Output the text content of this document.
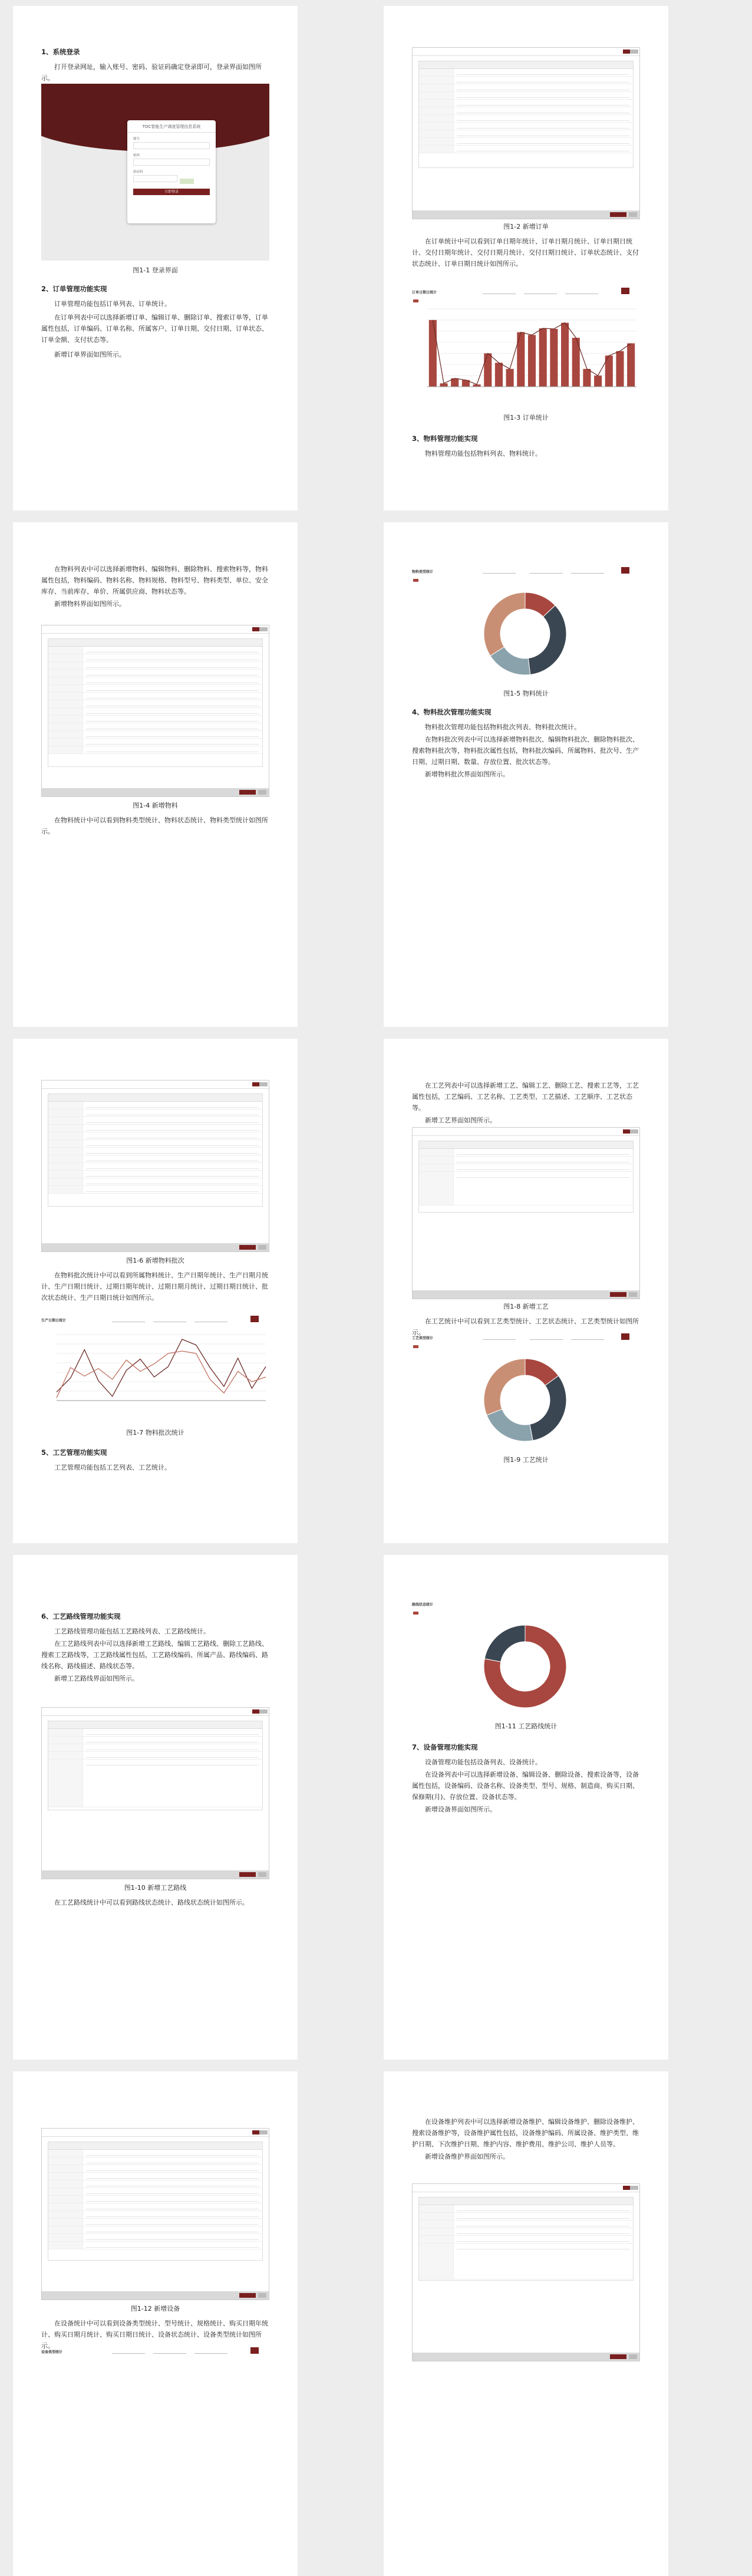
1、系统登录

打开登录网址，输入账号、密码、验证码确定登录即可，登录界面如图所示。

TOC智能生产调度管理信息系统
账号
密码
验证码
立即登录
图1-1 登录界面
2、订单管理功能实现

订单管理功能包括订单列表、订单统计。

在订单列表中可以选择新增订单、编辑订单、删除订单、搜索订单等，订单属性包括，订单编码、订单名称、所属客户、订单日期、交付日期、订单状态、订单金额、支付状态等。

新增订单界面如图所示。

图1-2 新增订单

在订单统计中可以看到订单日期年统计、订单日期月统计、订单日期日统计、交付日期年统计、交付日期月统计、交付日期日统计、订单状态统计、支付状态统计、订单日期日统计如图所示。

订单日期日统计
图1-3 订单统计
3、物料管理功能实现

物料管理功能包括物料列表、物料统计。

在物料列表中可以选择新增物料、编辑物料、删除物料、搜索物料等，物料属性包括，物料编码、物料名称、物料规格、物料型号、物料类型、单位、安全库存、当前库存、单价、所属供应商、物料状态等。

新增物料界面如图所示。

图1-4 新增物料

在物料统计中可以看到物料类型统计、物料状态统计、物料类型统计如图所示。

物料类型统计
图1-5 物料统计
4、物料批次管理功能实现

物料批次管理功能包括物料批次列表、物料批次统计。

在物料批次列表中可以选择新增物料批次、编辑物料批次、删除物料批次、搜索物料批次等，物料批次属性包括，物料批次编码、所属物料、批次号、生产日期、过期日期、数量、存放位置、批次状态等。

新增物料批次界面如图所示。

图1-6 新增物料批次

在物料批次统计中可以看到所属物料统计、生产日期年统计、生产日期月统计、生产日期日统计、过期日期年统计、过期日期月统计、过期日期日统计、批次状态统计、生产日期日统计如图所示。

生产日期日统计
图1-7 物料批次统计
5、工艺管理功能实现

工艺管理功能包括工艺列表、工艺统计。

在工艺列表中可以选择新增工艺、编辑工艺、删除工艺、搜索工艺等，工艺属性包括，工艺编码、工艺名称、工艺类型、工艺描述、工艺顺序、工艺状态等。

新增工艺界面如图所示。

图1-8 新增工艺

在工艺统计中可以看到工艺类型统计、工艺状态统计、工艺类型统计如图所示。

工艺类型统计
图1-9 工艺统计
6、工艺路线管理功能实现

工艺路线管理功能包括工艺路线列表、工艺路线统计。

在工艺路线列表中可以选择新增工艺路线、编辑工艺路线、删除工艺路线、搜索工艺路线等，工艺路线属性包括，工艺路线编码、所属产品、路线编码、路线名称、路线描述、路线状态等。

新增工艺路线界面如图所示。

图1-10 新增工艺路线

在工艺路线统计中可以看到路线状态统计、路线状态统计如图所示。

路线状态统计
图1-11 工艺路线统计
7、设备管理功能实现

设备管理功能包括设备列表、设备统计。

在设备列表中可以选择新增设备、编辑设备、删除设备、搜索设备等，设备属性包括，设备编码、设备名称、设备类型、型号、规格、制造商、购买日期、保修期(月)、存放位置、设备状态等。

新增设备界面如图所示。

图1-12 新增设备

在设备统计中可以看到设备类型统计、型号统计、规格统计、购买日期年统计、购买日期月统计、购买日期日统计、设备状态统计、设备类型统计如图所示。

设备类型统计

在设备维护列表中可以选择新增设备维护、编辑设备维护、删除设备维护、搜索设备维护等，设备维护属性包括，设备维护编码、所属设备、维护类型、维护日期、下次维护日期、维护内容、维护费用、维护公司、维护人员等。

新增设备维护界面如图所示。
